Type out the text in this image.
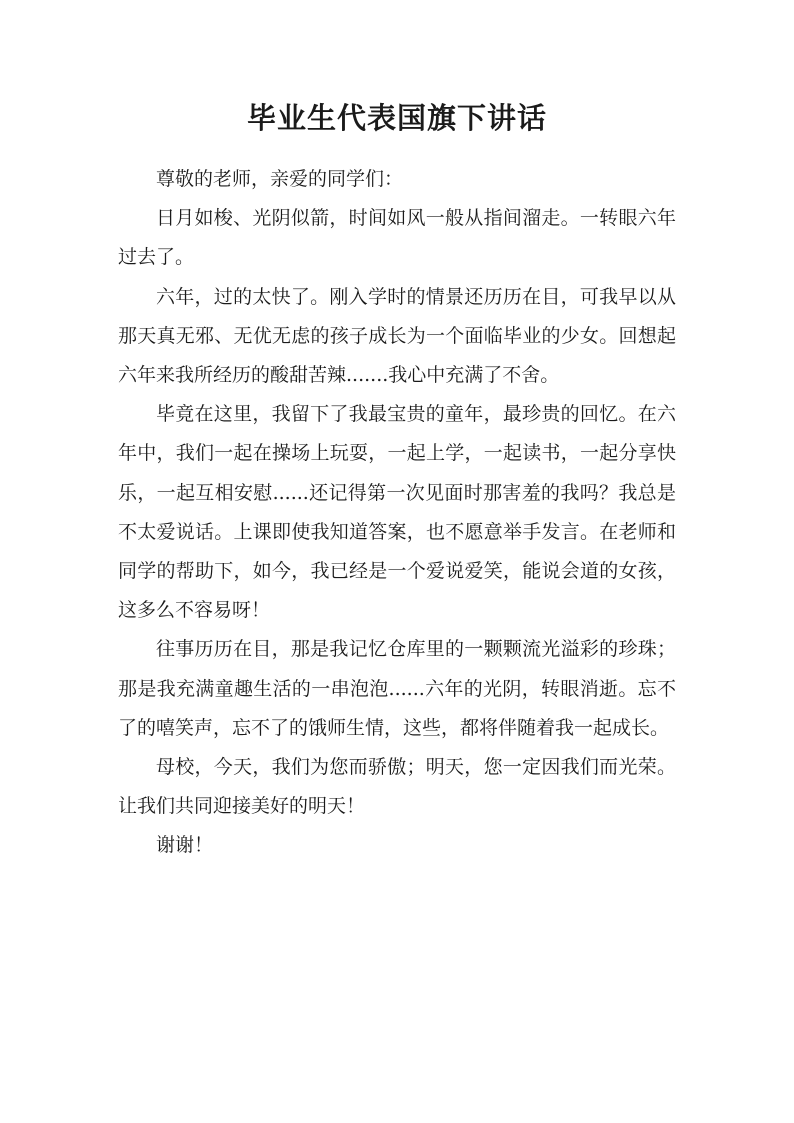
毕业生代表国旗下讲话

尊敬的老师，亲爱的同学们：

日月如梭、光阴似箭，时间如风一般从指间溜走。一转眼六年过去了。

六年，过的太快了。刚入学时的情景还历历在目，可我早以从那天真无邪、无优无虑的孩子成长为一个面临毕业的少女。回想起六年来我所经历的酸甜苦辣.......我心中充满了不舍。

毕竟在这里，我留下了我最宝贵的童年，最珍贵的回忆。在六年中，我们一起在操场上玩耍，一起上学，一起读书，一起分享快乐，一起互相安慰......还记得第一次见面时那害羞的我吗？我总是不太爱说话。上课即使我知道答案，也不愿意举手发言。在老师和同学的帮助下，如今，我已经是一个爱说爱笑，能说会道的女孩，这多么不容易呀！

往事历历在目，那是我记忆仓库里的一颗颗流光溢彩的珍珠；那是我充满童趣生活的一串泡泡......六年的光阴，转眼消逝。忘不了的嘻笑声，忘不了的饿师生情，这些，都将伴随着我一起成长。

母校，今天，我们为您而骄傲；明天，您一定因我们而光荣。让我们共同迎接美好的明天！

谢谢！
